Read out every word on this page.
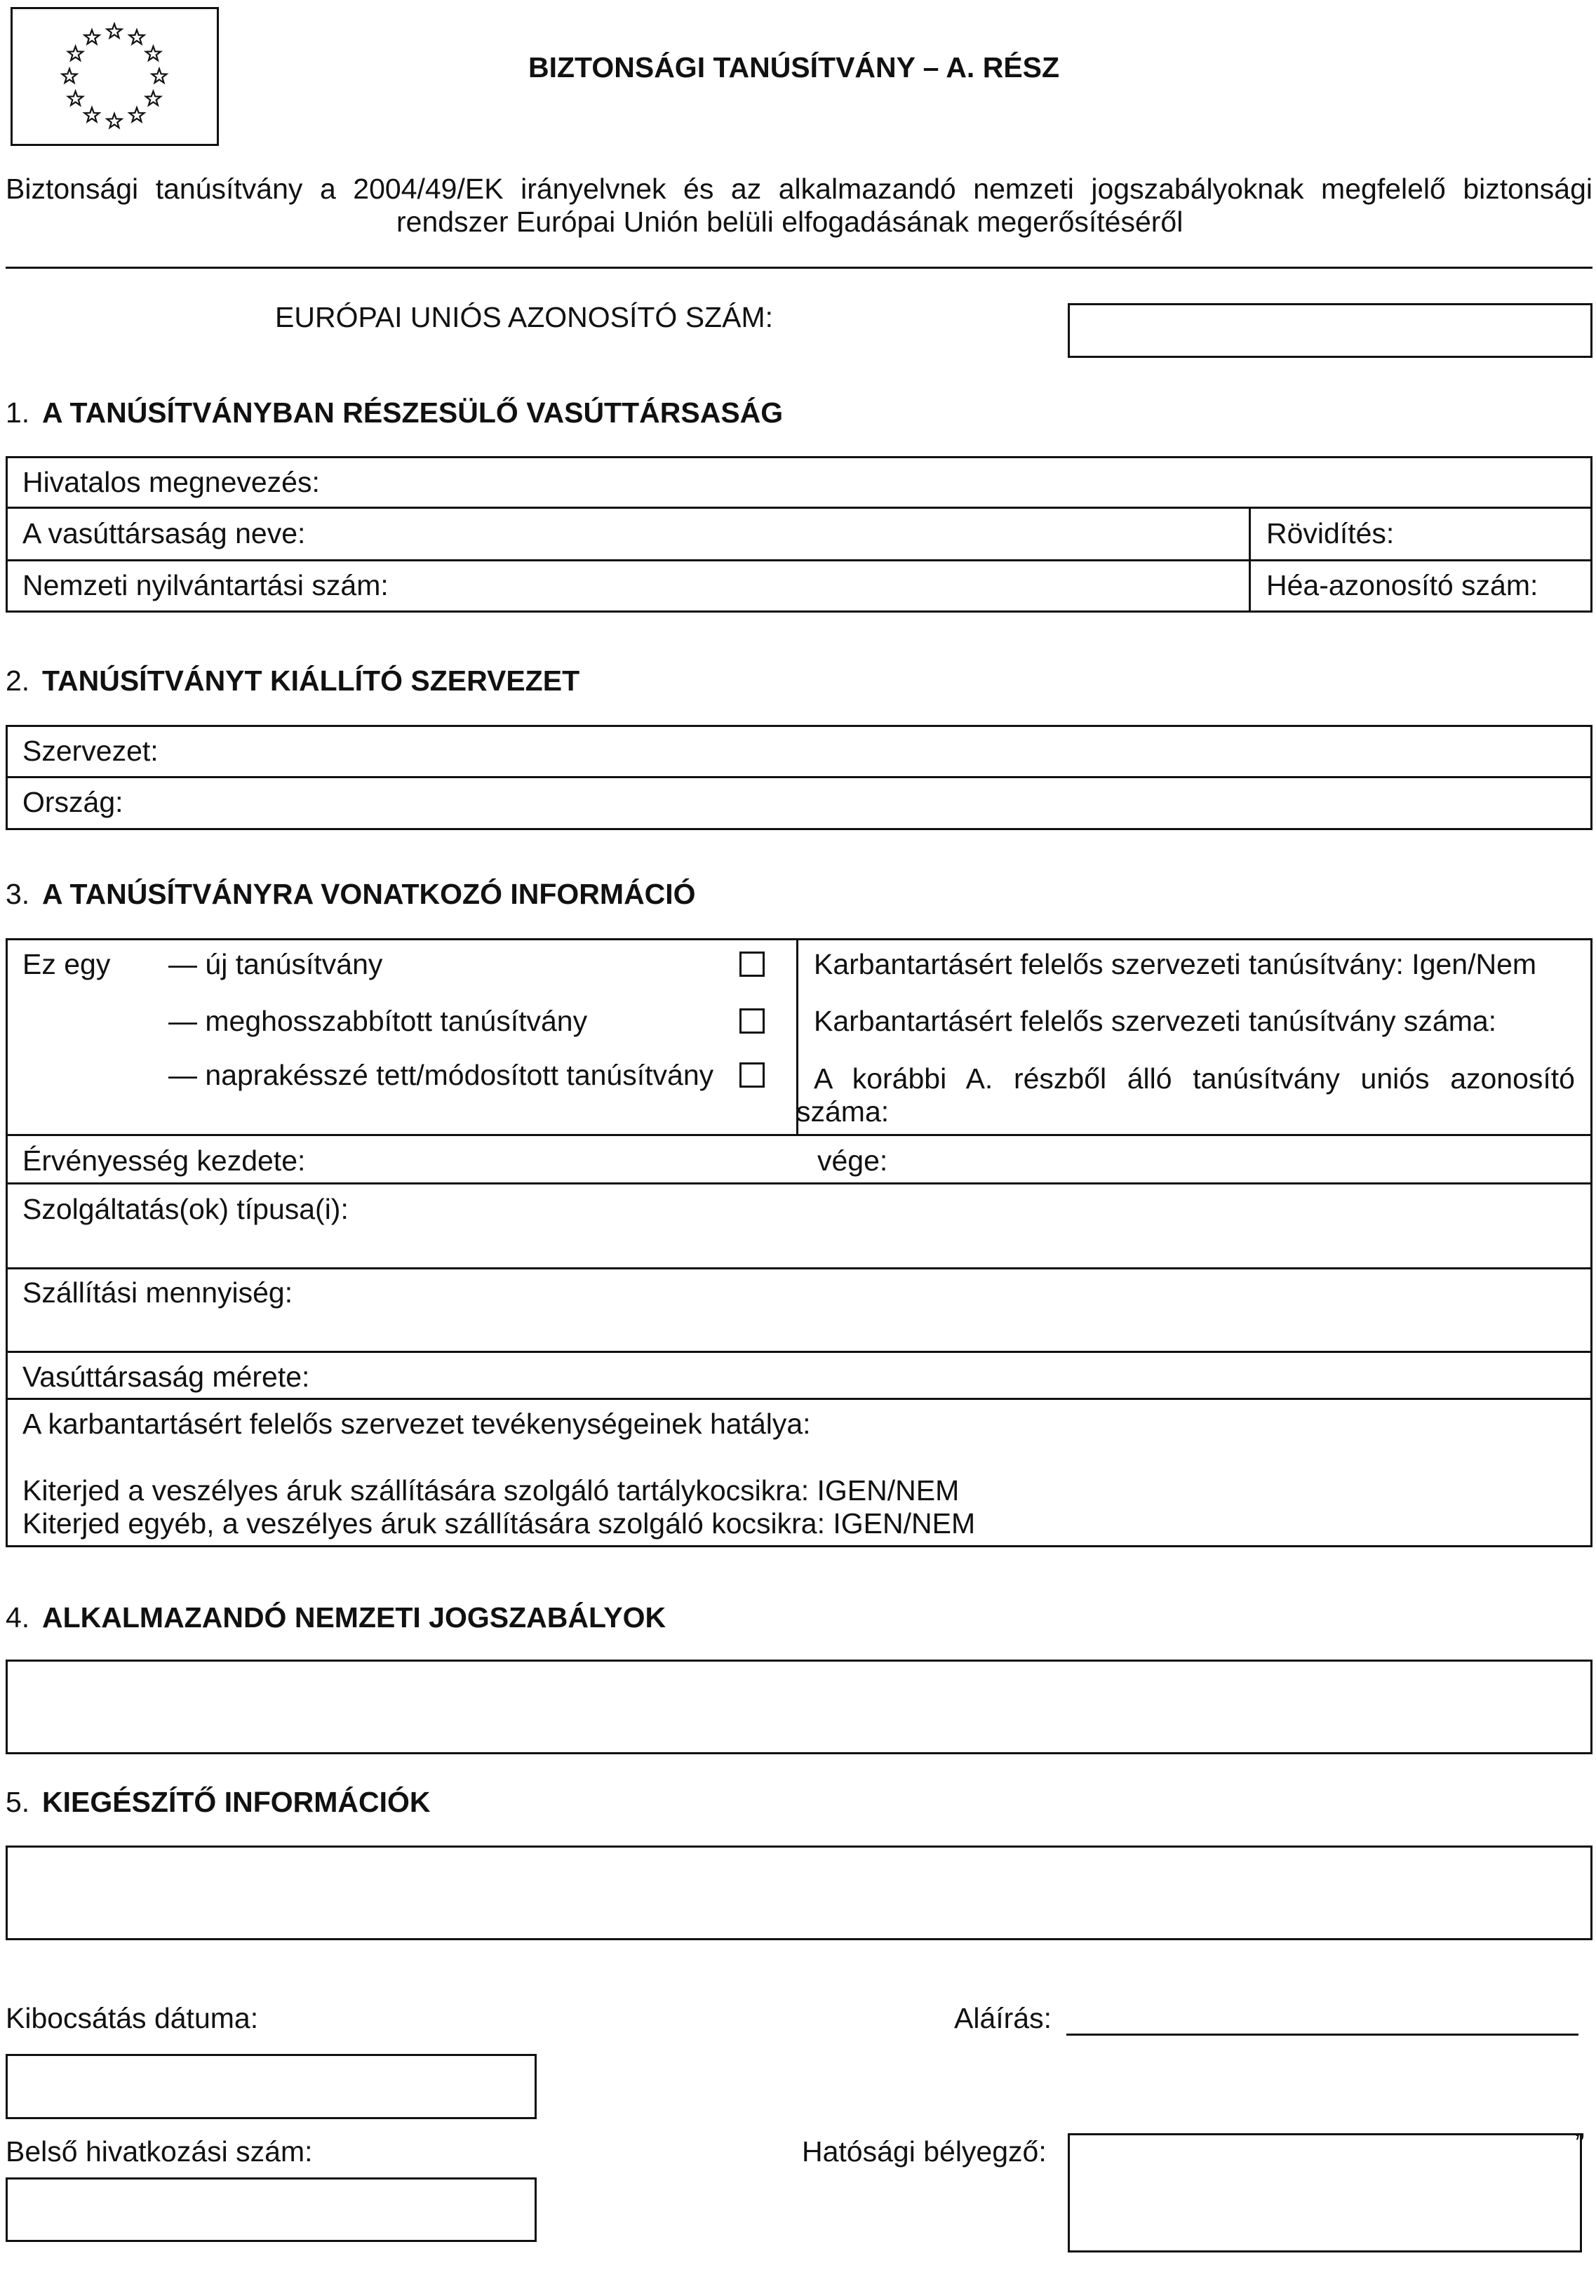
BIZTONSÁGI TANÚSÍTVÁNY – A. RÉSZ
Biztonsági tanúsítvány a 2004/49/EK irányelvnek és az alkalmazandó nemzeti jogszabályoknak megfelelő biztonsági
rendszer Európai Unión belüli elfogadásának megerősítéséről
EURÓPAI UNIÓS AZONOSÍTÓ SZÁM:
1. A TANÚSÍTVÁNYBAN RÉSZESÜLŐ VASÚTTÁRSASÁG
Hivatalos megnevezés:
A vasúttársaság neve:	Rövidítés:
Nemzeti nyilvántartási szám:	Héa-azonosító szám:
2. TANÚSÍTVÁNYT KIÁLLÍTÓ SZERVEZET
Szervezet:
Ország:
3. A TANÚSÍTVÁNYRA VONATKOZÓ INFORMÁCIÓ
Ez egy — új tanúsítvány
— meghosszabbított tanúsítvány
— naprakésszé tett/módosított tanúsítvány
Karbantartásért felelős szervezeti tanúsítvány: Igen/Nem
Karbantartásért felelős szervezeti tanúsítvány száma:
A korábbi A. részből álló tanúsítvány uniós azonosító
száma:
Érvényesség kezdete:	vége:
Szolgáltatás(ok) típusa(i):
Szállítási mennyiség:
Vasúttársaság mérete:
A karbantartásért felelős szervezet tevékenységeinek hatálya:
Kiterjed a veszélyes áruk szállítására szolgáló tartálykocsikra: IGEN/NEM
Kiterjed egyéb, a veszélyes áruk szállítására szolgáló kocsikra: IGEN/NEM
4. ALKALMAZANDÓ NEMZETI JOGSZABÁLYOK
5. KIEGÉSZÍTŐ INFORMÁCIÓK
Kibocsátás dátuma:	Aláírás:
Belső hivatkozási szám:	Hatósági bélyegző:	”
